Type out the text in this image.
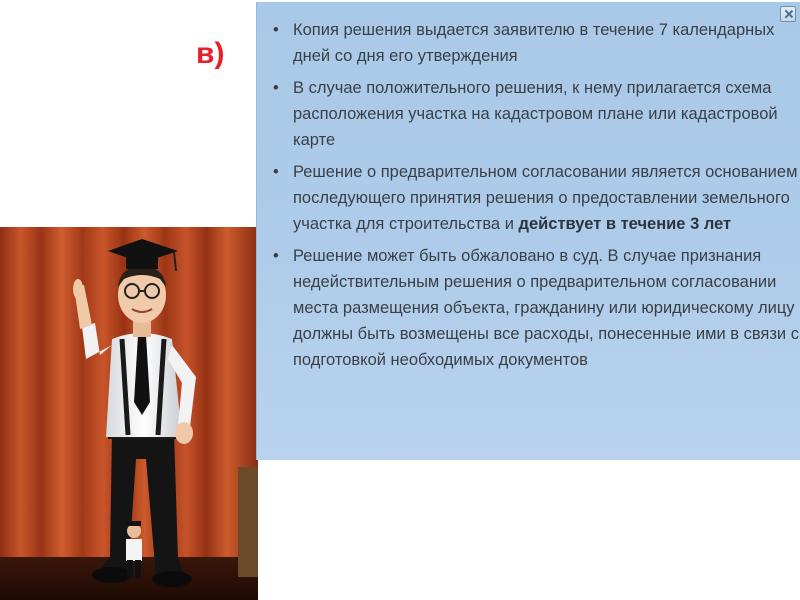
в)
• Копия решения выдается заявителю в течение 7 календарных дней со дня его утверждения
• В случае положительного решения, к нему прилагается схема расположения участка на кадастровом плане или кадастровой карте
• Решение о предварительном согласовании является основанием последующего принятия решения о предоставлении земельного участка для строительства и действует в течение 3 лет
• Решение может быть обжаловано в суд. В случае признания недействительным решения о предварительном согласовании места размещения объекта, гражданину или юридическому лицу должны быть возмещены все расходы, понесенные ими в связи с подготовкой необходимых документов
